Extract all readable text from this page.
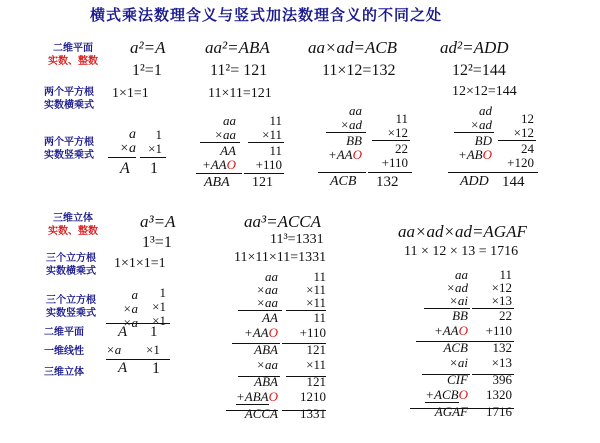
横式乘法数理含义与竖式加法数理含义的不同之处
二维平面
实数、整数
两个平方根
实数横乘式
两个平方根
实数竖乘式
a²=A
1²=1
1×1=1
a
×a
A
1
×1
1
aa²=ABA
11²= 121
11×11=121
aa
×aa
AA
+AAO
ABA
11
×11
11
+110
121
aa×ad=ACB
11×12=132
aa
×ad
BB
+AAO
ACB
11
×12
22
+110
132
ad²=ADD
12²=144
12×12=144
ad
×ad
BD
+ABO
ADD
12
×12
24
+120
144
三维立体
实数、整数
三个立方根
实数横乘式
三个立方根
实数竖乘式
二维平面
一维线性
三维立体
a³=A
1³=1
1×1×1=1
a
×a
×a
A
×a
A
1
×1
×1
1
×1
1
aa³=ACCA
11³=1331
11×11×11=1331
aa
×aa
×aa
AA
+AAO
ABA
×aa
ABA
+ABAO
ACCA
11
×11
×11
11
+110
121
×11
121
1210
1331
aa×ad×ad=AGAF
11 × 12 × 13 = 1716
aa
×ad
×ai
BB
+AAO
ACB
×ai
CIF
+ACBO
AGAF
11
×12
×13
22
+110
132
×13
396
1320
1716
